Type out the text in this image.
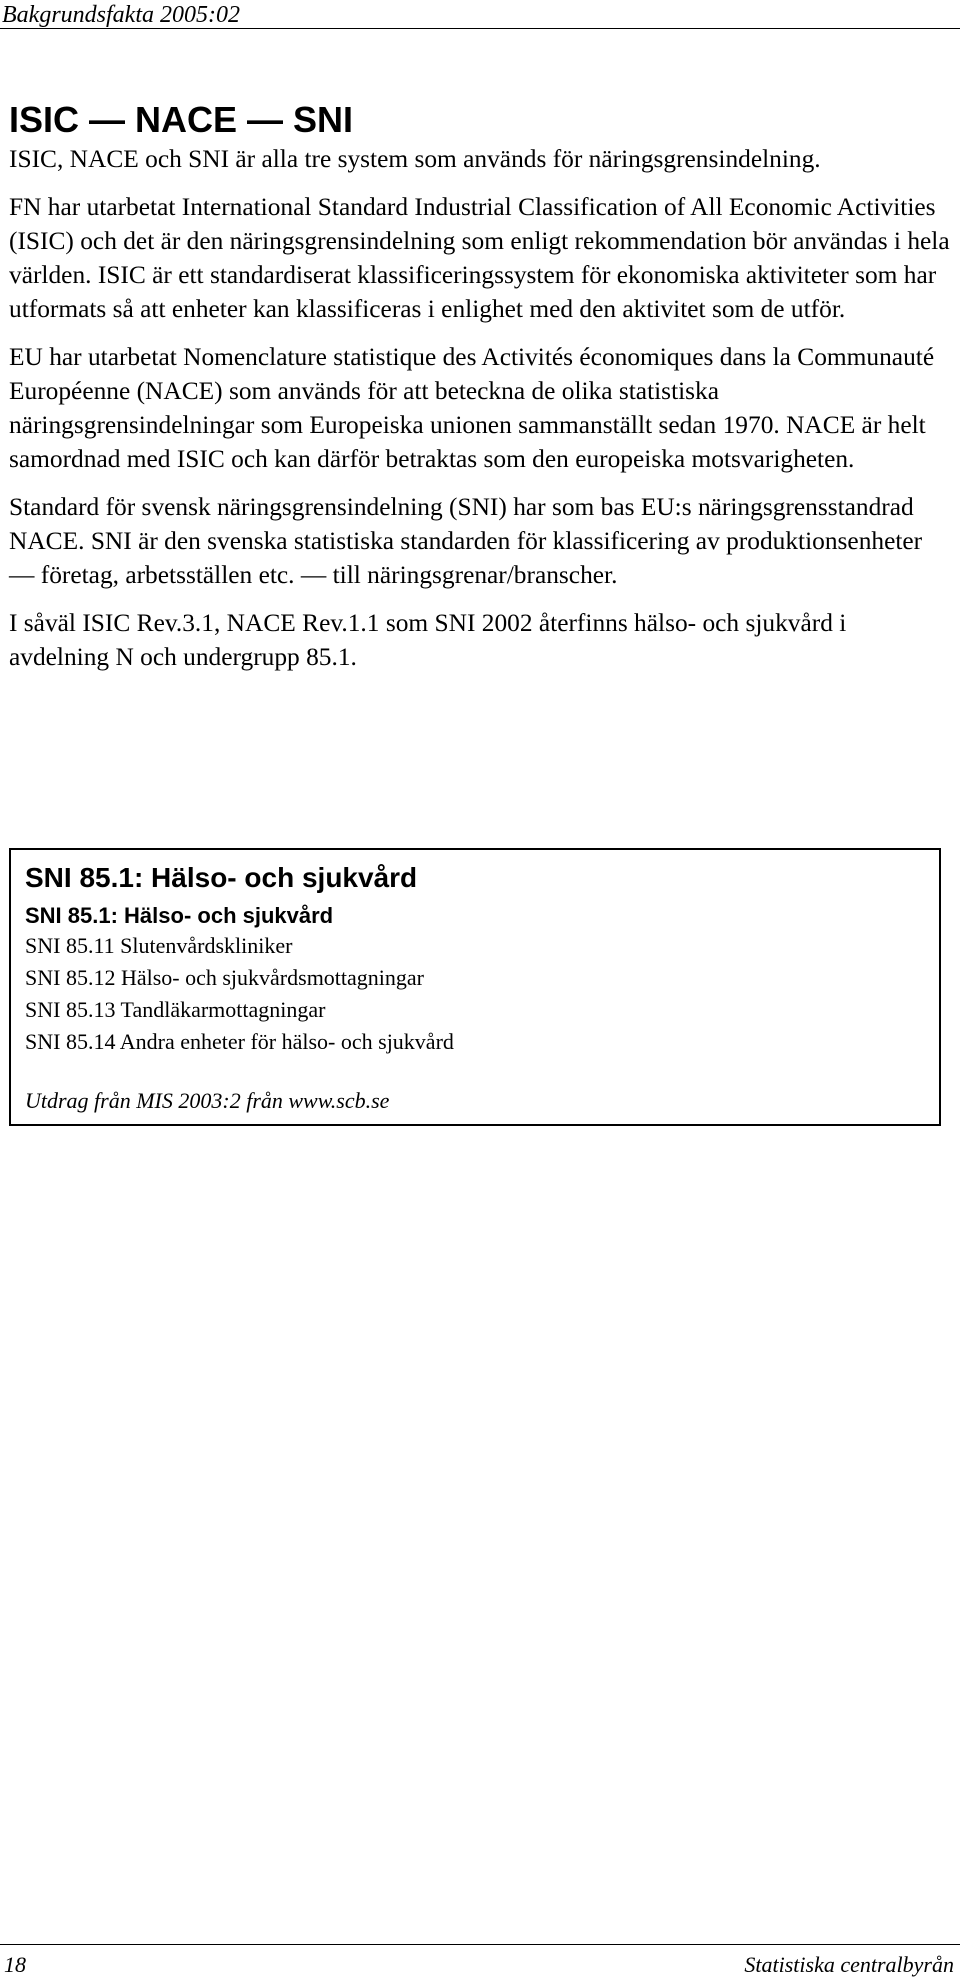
Bakgrundsfakta 2005:02
ISIC — NACE — SNI

ISIC, NACE och SNI är alla tre system som används för näringsgrensindelning.

FN har utarbetat International Standard Industrial Classification of All Economic Activities (ISIC) och det är den näringsgrensindelning som enligt rekommendation bör användas i hela världen. ISIC är ett standardiserat klassificeringssystem för ekonomiska aktiviteter som har utformats så att enheter kan klassificeras i enlighet med den aktivitet som de utför.

EU har utarbetat Nomenclature statistique des Activités économiques dans la Communauté Européenne (NACE) som används för att beteckna de olika statistiska näringsgrensindelningar som Europeiska unionen sammanställt sedan 1970. NACE är helt samordnad med ISIC och kan därför betraktas som den europeiska motsvarigheten.

Standard för svensk näringsgrensindelning (SNI) har som bas EU:s näringsgrensstandrad NACE. SNI är den svenska statistiska standarden för klassificering av produktionsenheter — företag, arbetsställen etc. — till näringsgrenar/branscher.

I såväl ISIC Rev.3.1, NACE Rev.1.1 som SNI 2002 återfinns hälso- och sjukvård i avdelning N och undergrupp 85.1.

SNI 85.1: Hälso- och sjukvård
SNI 85.1: Hälso- och sjukvård
SNI 85.11 Slutenvårdskliniker
SNI 85.12 Hälso- och sjukvårdsmottagningar
SNI 85.13 Tandläkarmottagningar
SNI 85.14 Andra enheter för hälso- och sjukvård
Utdrag från MIS 2003:2 från www.scb.se
18	Statistiska centralbyrån
